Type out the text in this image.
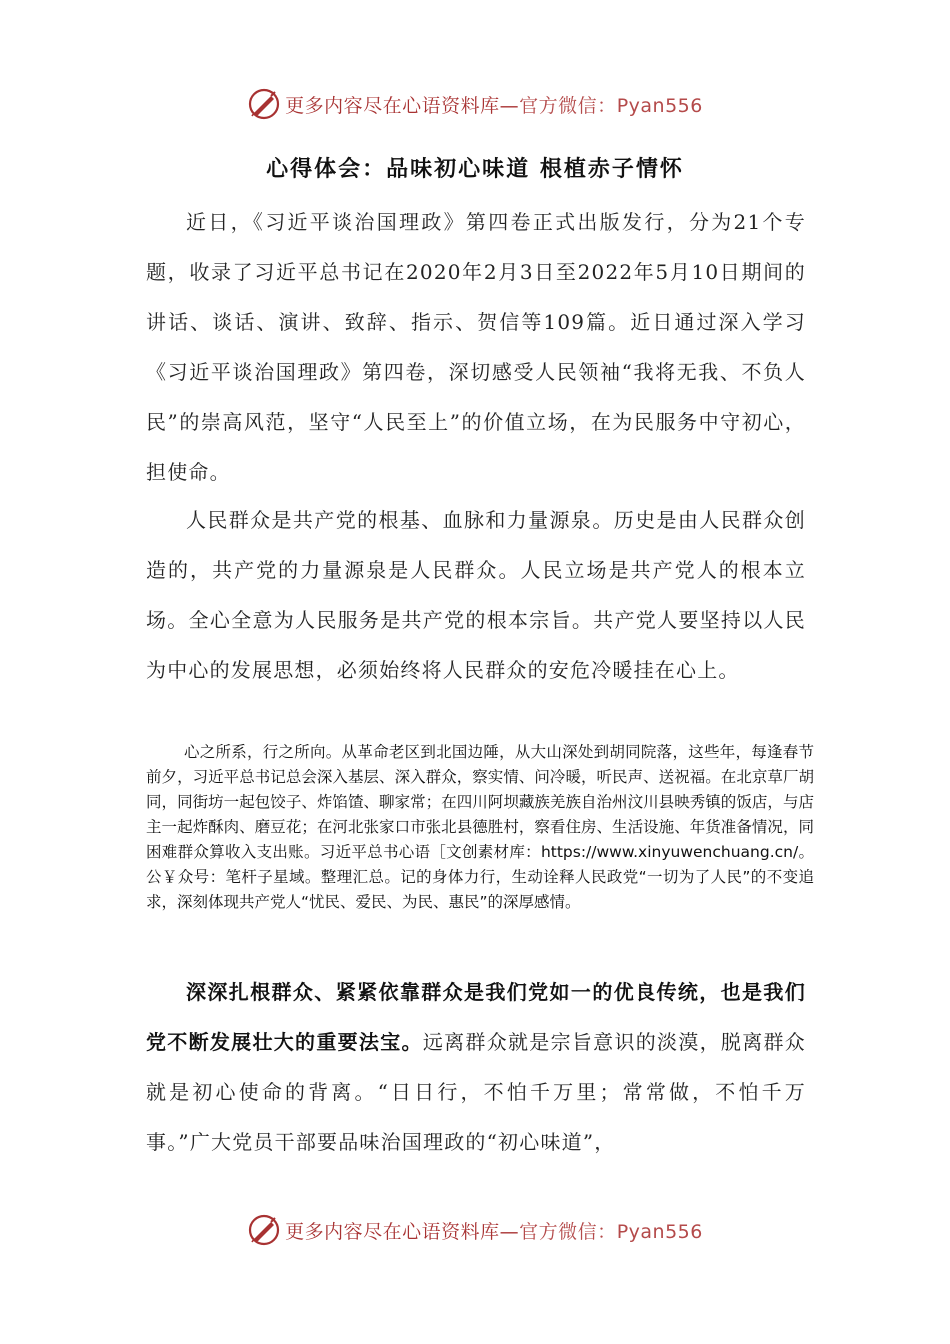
更多内容尽在心语资料库—官方微信：Pyan556
心得体会：品味初心味道 根植赤子情怀

近日，《习近平谈治国理政》第四卷正式出版发行，分为21个专题，收录了习近平总书记在2020年2月3日至2022年5月10日期间的讲话、谈话、演讲、致辞、指示、贺信等109篇。近日通过深入学习《习近平谈治国理政》第四卷，深切感受人民领袖“我将无我、不负人民”的崇高风范，坚守“人民至上”的价值立场，在为民服务中守初心，担使命。

人民群众是共产党的根基、血脉和力量源泉。历史是由人民群众创造的，共产党的力量源泉是人民群众。人民立场是共产党人的根本立场。全心全意为人民服务是共产党的根本宗旨。共产党人要坚持以人民为中心的发展思想，必须始终将人民群众的安危冷暖挂在心上。

心之所系，行之所向。从革命老区到北国边陲，从大山深处到胡同院落，这些年，每逢春节前夕，习近平总书记总会深入基层、深入群众，察实情、问冷暖，听民声、送祝福。在北京草厂胡同，同街坊一起包饺子、炸馅馇、聊家常；在四川阿坝藏族羌族自治州汶川县映秀镇的饭店，与店主一起炸酥肉、磨豆花；在河北张家口市张北县德胜村，察看住房、生活设施、年货准备情况，同困难群众算收入支出账。习近平总书心语［文创素材库：https://www.xinyuwenchuang.cn/。公￥众号：笔杆子星域。整理汇总。记的身体力行，生动诠释人民政党“一切为了人民”的不变追求，深刻体现共产党人“忧民、爱民、为民、惠民”的深厚感情。

深深扎根群众、紧紧依靠群众是我们党如一的优良传统，也是我们党不断发展壮大的重要法宝。远离群众就是宗旨意识的淡漠，脱离群众就是初心使命的背离。“日日行，不怕千万里；常常做，不怕千万事。”广大党员干部要品味治国理政的“初心味道”，

更多内容尽在心语资料库—官方微信：Pyan556
